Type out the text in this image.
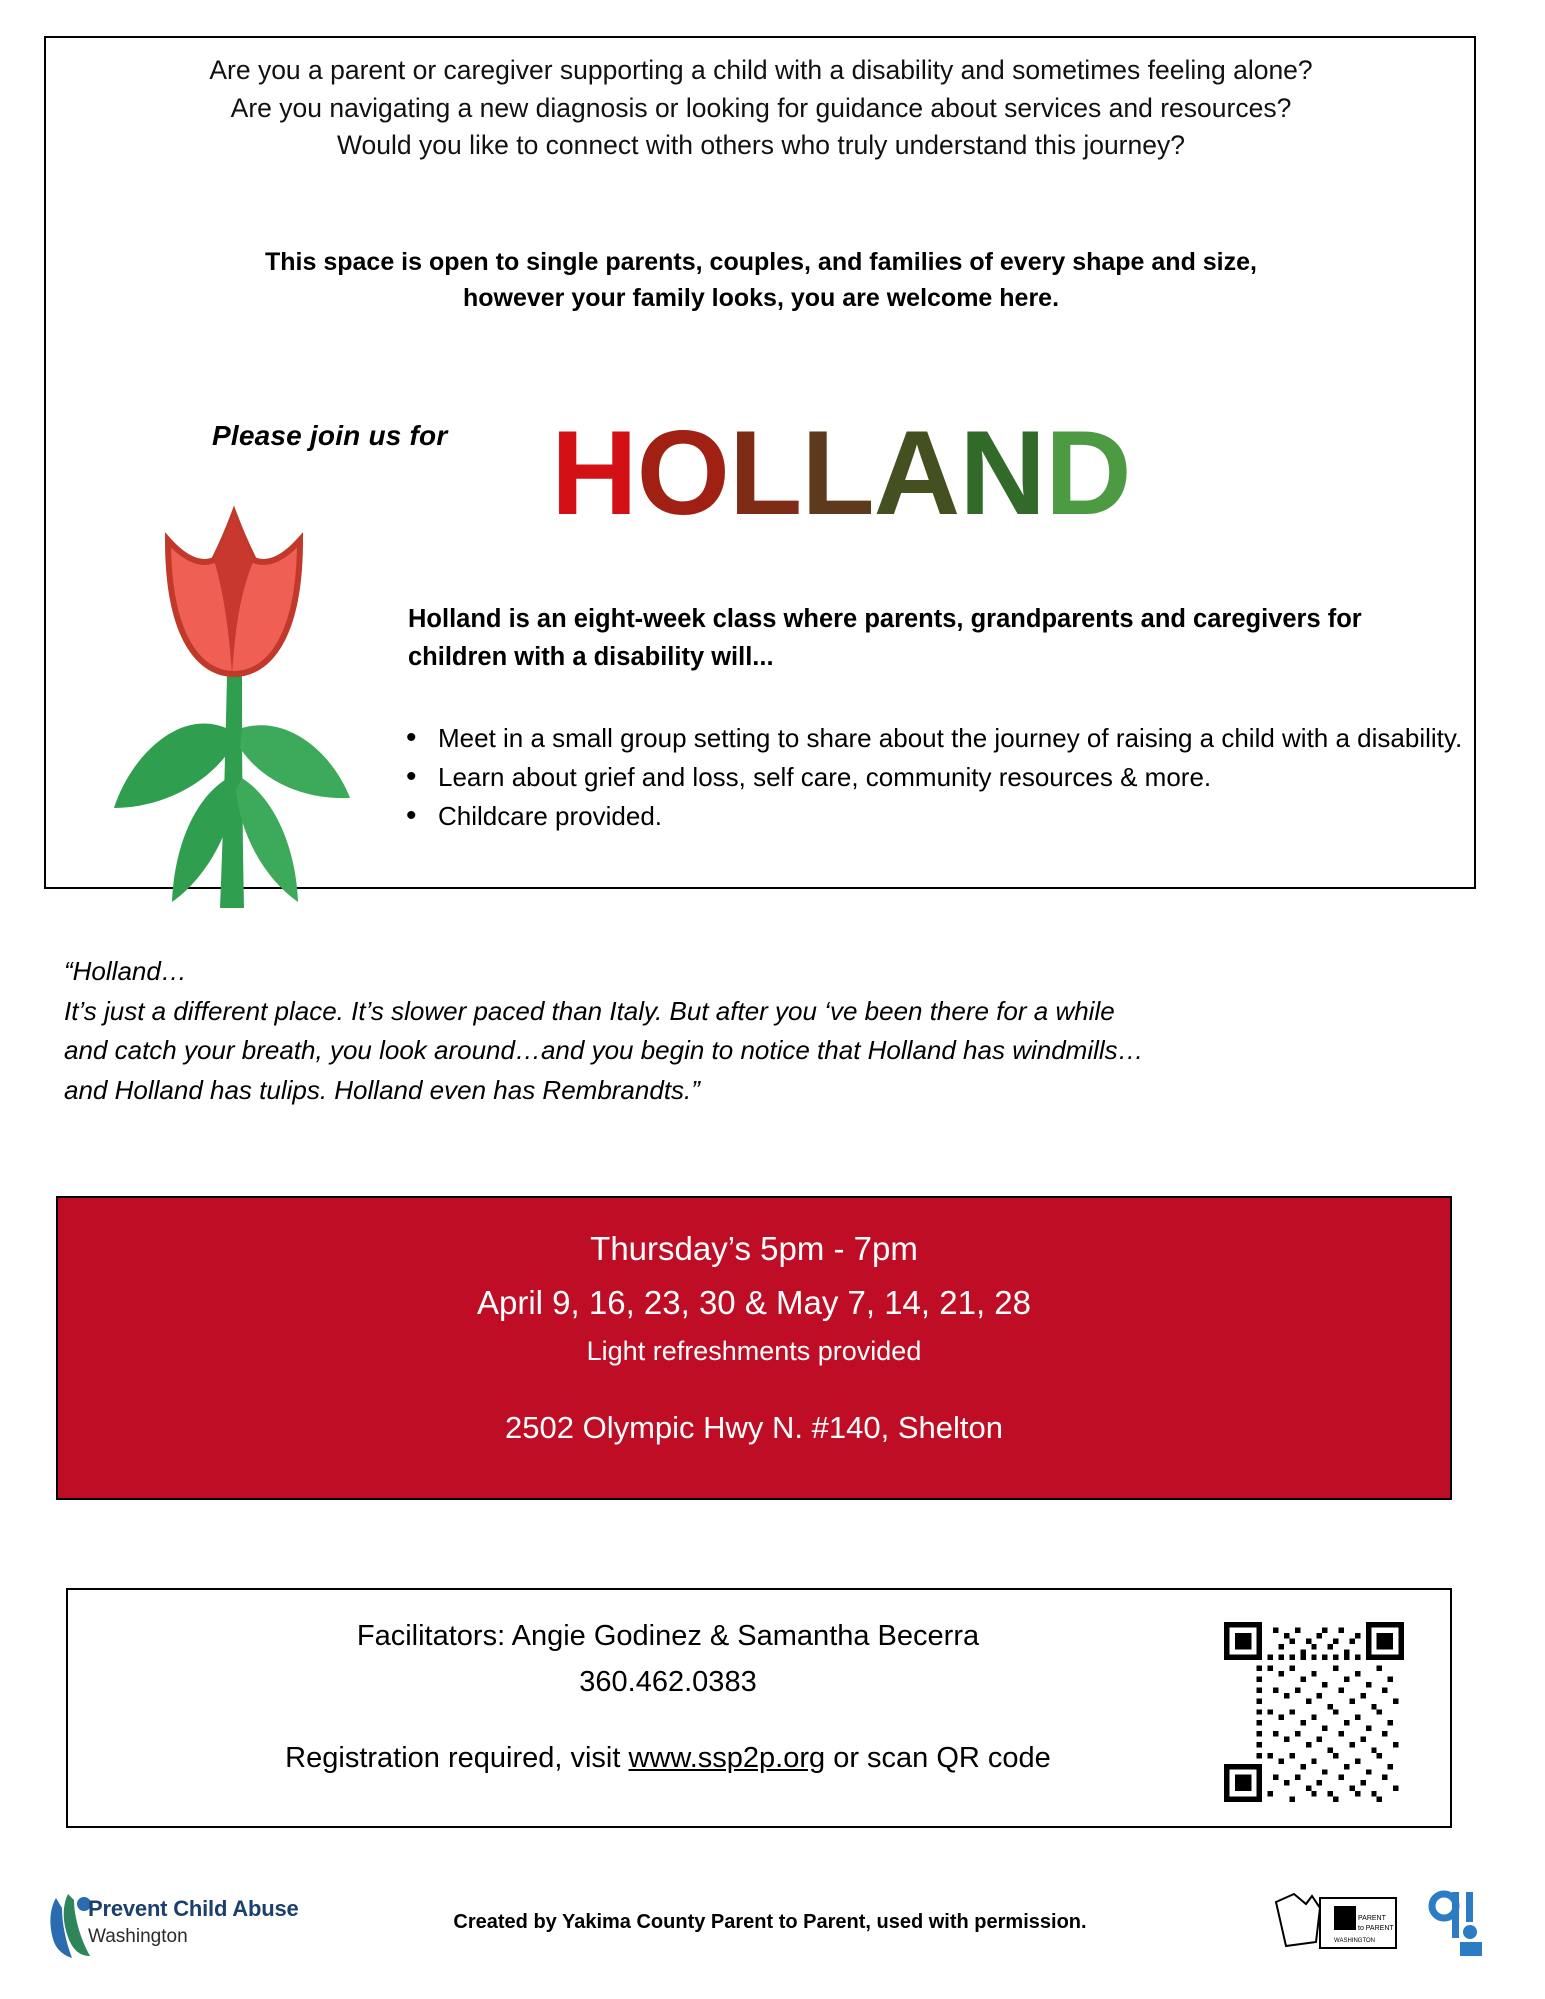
Are you a parent or caregiver supporting a child with a disability and sometimes feeling alone?
Are you navigating a new diagnosis or looking for guidance about services and resources?
Would you like to connect with others who truly understand this journey?
This space is open to single parents, couples, and families of every shape and size,
however your family looks, you are welcome here.
Please join us for HOLLAND
Holland is an eight-week class where parents, grandparents and caregivers for children with a disability will...
• Meet in a small group setting to share about the journey of raising a child with a disability.
• Learn about grief and loss, self care, community resources & more.
• Childcare provided.
“Holland…
It’s just a different place. It’s slower paced than Italy. But after you ‘ve been there for a while
and catch your breath, you look around…and you begin to notice that Holland has windmills…
and Holland has tulips. Holland even has Rembrandts.”
Thursday’s 5pm - 7pm
April 9, 16, 23, 30 & May 7, 14, 21, 28
Light refreshments provided
2502 Olympic Hwy N. #140, Shelton
Facilitators: Angie Godinez & Samantha Becerra
360.462.0383
Registration required, visit www.ssp2p.org or scan QR code
Prevent Child Abuse
Washington
Created by Yakima County Parent to Parent, used with permission.	PARENT
to PARENT
WASHINGTON
